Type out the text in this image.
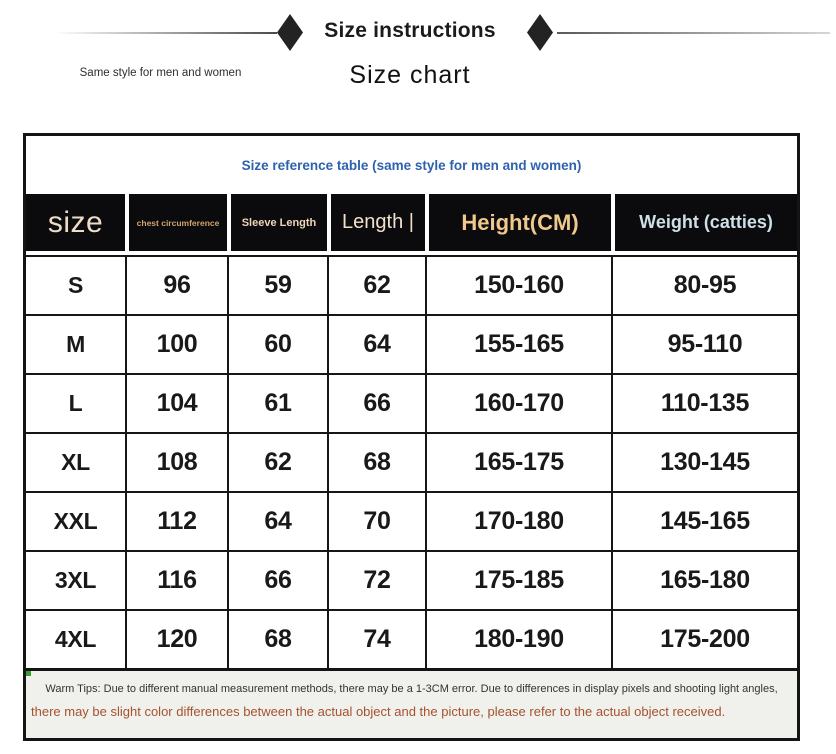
Size instructions
Same style for men and women	Size chart
Size reference table (same style for men and women)
size	chest circumference	Sleeve Length	Length |	Height(CM)	Weight (catties)
S	96	59	62	150-160	80-95
M	100	60	64	155-165	95-110
L	104	61	66	160-170	110-135
XL	108	62	68	165-175	130-145
XXL	112	64	70	170-180	145-165
3XL	116	66	72	175-185	165-180
4XL	120	68	74	180-190	175-200
Warm Tips: Due to different manual measurement methods, there may be a 1-3CM error. Due to differences in display pixels and shooting light angles,
there may be slight color differences between the actual object and the picture, please refer to the actual object received.
